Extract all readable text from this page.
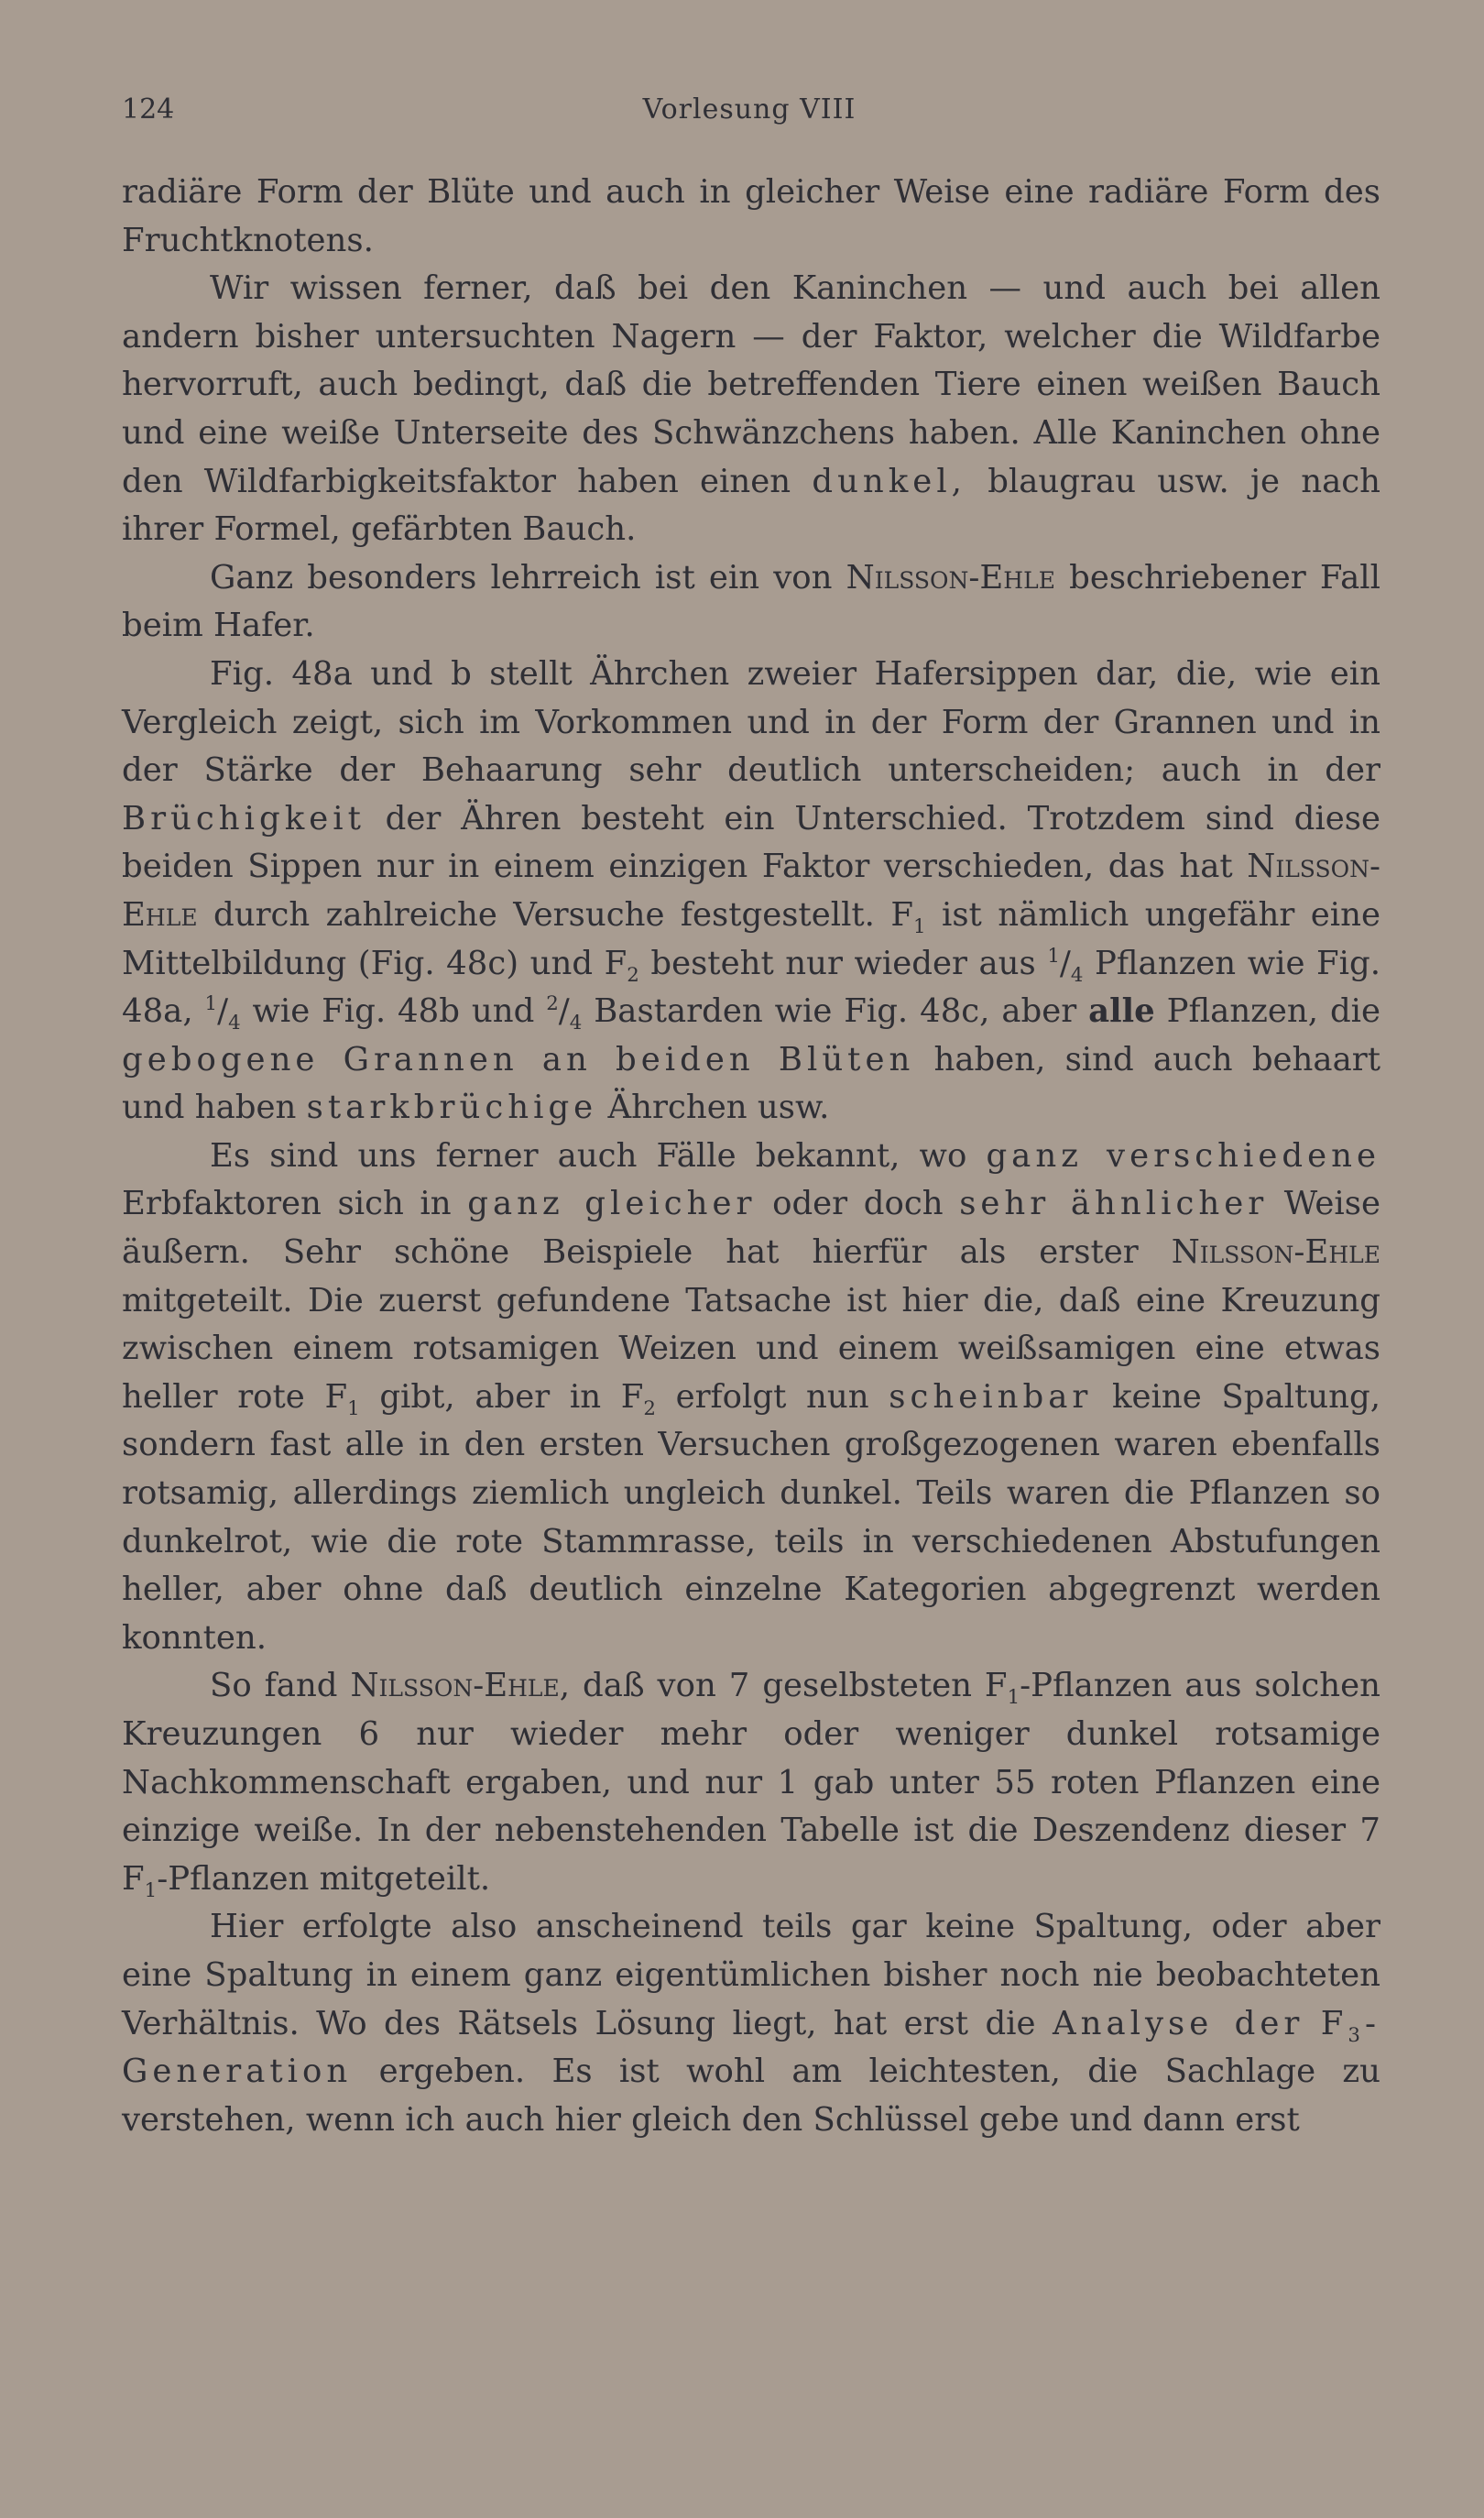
124	Vorlesung VIII

radiäre Form der Blüte und auch in gleicher Weise eine radiäre Form des Fruchtknotens.

Wir wissen ferner, daß bei den Kaninchen — und auch bei allen andern bisher untersuchten Nagern — der Faktor, welcher die Wildfarbe hervorruft, auch bedingt, daß die betreffenden Tiere einen weißen Bauch und eine weiße Unterseite des Schwänzchens haben. Alle Kaninchen ohne den Wildfarbigkeitsfaktor haben einen dunkel, blaugrau usw. je nach ihrer Formel, gefärbten Bauch.

Ganz besonders lehrreich ist ein von Nilsson-Ehle beschriebener Fall beim Hafer.

Fig. 48a und b stellt Ährchen zweier Hafersippen dar, die, wie ein Vergleich zeigt, sich im Vorkommen und in der Form der Grannen und in der Stärke der Behaarung sehr deutlich unterscheiden; auch in der Brüchigkeit der Ähren besteht ein Unterschied. Trotzdem sind diese beiden Sippen nur in einem einzigen Faktor verschieden, das hat Nilsson-Ehle durch zahlreiche Versuche festgestellt. $F_1$ ist nämlich ungefähr eine Mittelbildung (Fig. 48c) und $F_2$ besteht nur wieder aus $^1/_4$ Pflanzen wie Fig. 48a, $^1/_4$ wie Fig. 48b und $^2/_4$ Bastarden wie Fig. 48c, aber alle Pflanzen, die gebogene Grannen an beiden Blüten haben, sind auch behaart und haben starkbrüchige Ährchen usw.

Es sind uns ferner auch Fälle bekannt, wo ganz verschiedene Erbfaktoren sich in ganz gleicher oder doch sehr ähnlicher Weise äußern. Sehr schöne Beispiele hat hierfür als erster Nilsson-Ehle mitgeteilt. Die zuerst gefundene Tatsache ist hier die, daß eine Kreuzung zwischen einem rotsamigen Weizen und einem weißsamigen eine etwas heller rote $F_1$ gibt, aber in $F_2$ erfolgt nun scheinbar keine Spaltung, sondern fast alle in den ersten Versuchen großgezogenen waren ebenfalls rotsamig, allerdings ziemlich ungleich dunkel. Teils waren die Pflanzen so dunkelrot, wie die rote Stammrasse, teils in verschiedenen Abstufungen heller, aber ohne daß deutlich einzelne Kategorien abgegrenzt werden konnten.

So fand Nilsson-Ehle, daß von 7 geselbsteten $F_1$-Pflanzen aus solchen Kreuzungen 6 nur wieder mehr oder weniger dunkel rotsamige Nachkommenschaft ergaben, und nur 1 gab unter 55 roten Pflanzen eine einzige weiße. In der nebenstehenden Tabelle ist die Deszendenz dieser 7 $F_1$-Pflanzen mitgeteilt.

Hier erfolgte also anscheinend teils gar keine Spaltung, oder aber eine Spaltung in einem ganz eigentümlichen bisher noch nie beobachteten Verhältnis. Wo des Rätsels Lösung liegt, hat erst die Analyse der $F_3$-Generation ergeben. Es ist wohl am leichtesten, die Sachlage zu verstehen, wenn ich auch hier gleich den Schlüssel gebe und dann erst
